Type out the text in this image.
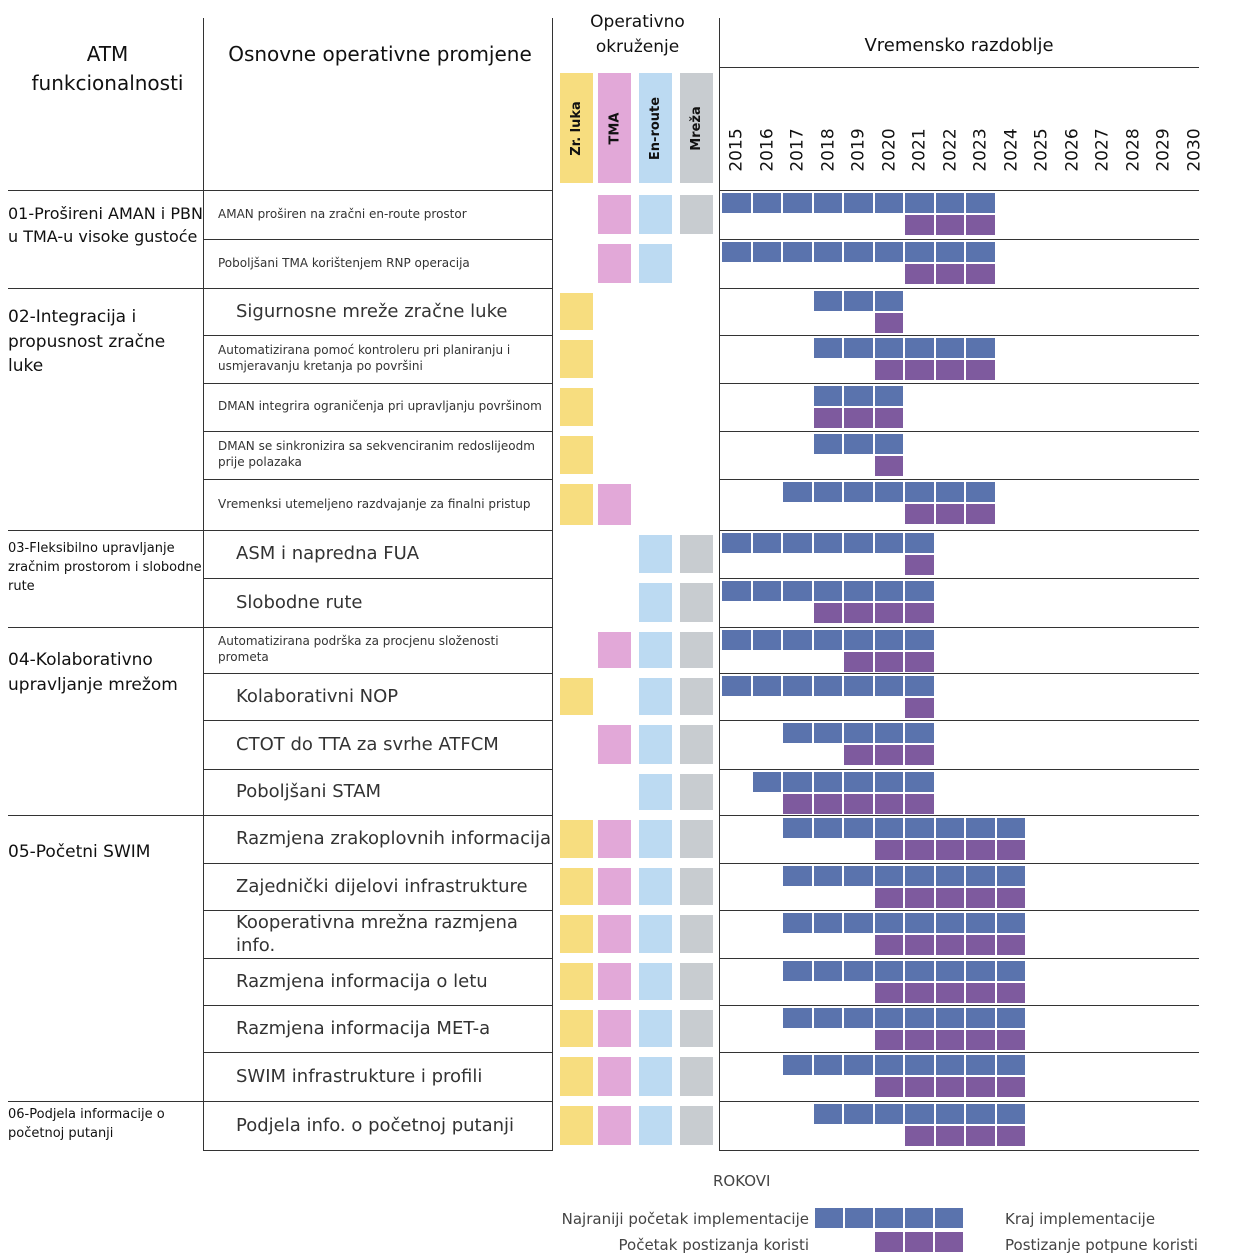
ATM funkcionalnosti
Osnovne operativne promjene
Operativno okruženje	Vremensko razdoblje
Zr. luka TMA En-route Mreža 2015 2016 2017 2018 2019 2020 2021 2022 2023 2024 2025 2026 2027 2028 2029 2030
01-Prošireni AMAN i PBN u TMA-u visoke gustoće
02-Integracija i propusnost zračne luke
03-Fleksibilno upravljanje zračnim prostorom i slobodne rute
04-Kolaborativno upravljanje mrežom
05-Početni SWIM
06-Podjela informacije o početnoj putanji
AMAN proširen na zračni en-route prostor
Poboljšani TMA korištenjem RNP operacija
Sigurnosne mreže zračne luke
Automatizirana pomoć kontroleru pri planiranju i usmjeravanju kretanja po površini
DMAN integrira ograničenja pri upravljanju površinom
DMAN se sinkronizira sa sekvenciranim redoslijeodm prije polazaka
Vremenksi utemeljeno razdvajanje za finalni pristup
ASM i napredna FUA
Slobodne rute
Automatizirana podrška za procjenu složenosti prometa
Kolaborativni NOP
CTOT do TTA za svrhe ATFCM
Poboljšani STAM
Razmjena zrakoplovnih informacija
Zajednički dijelovi infrastrukture
Kooperativna mrežna razmjena info.
Razmjena informacija o letu
Razmjena informacija MET-a
SWIM infrastrukture i profili
Podjela info. o početnoj putanji
ROKOVI
Najraniji početak implementacije
Početak postizanja koristi
Kraj implementacije
Postizanje potpune koristi
